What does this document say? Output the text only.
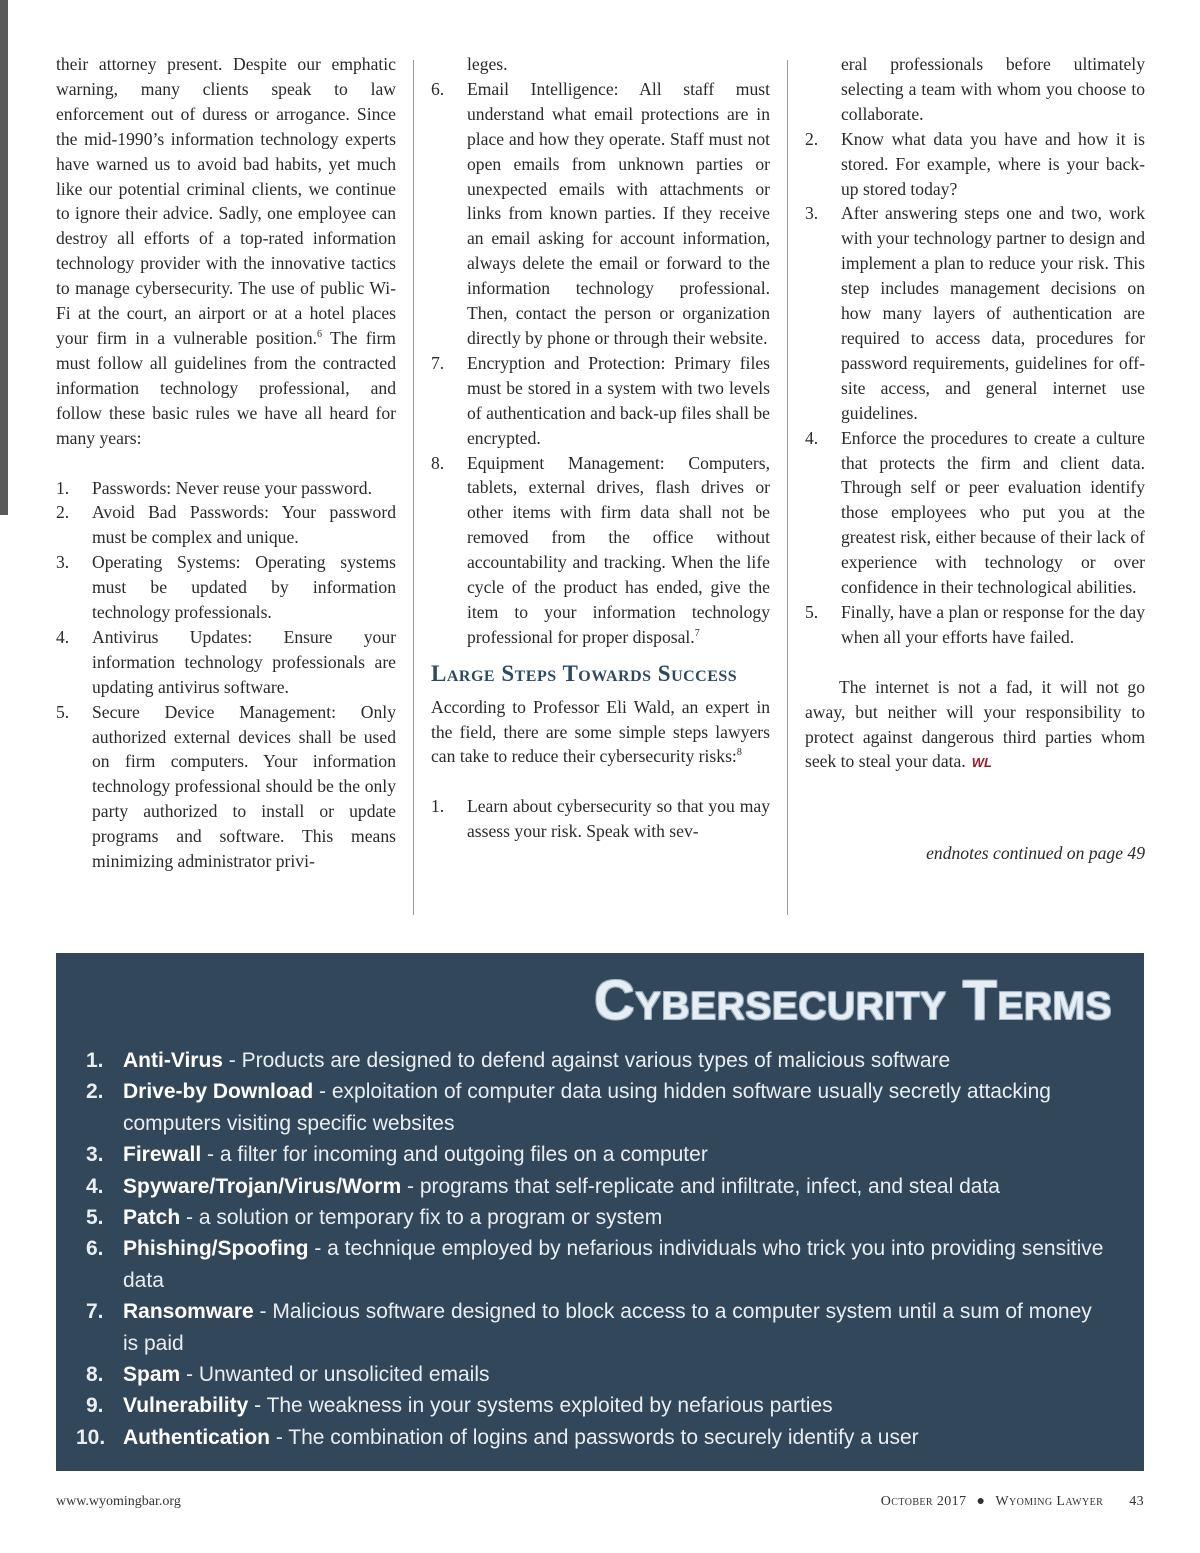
their attorney present. Despite our emphatic warning, many clients speak to law enforcement out of duress or arrogance. Since the mid-1990’s information technology experts have warned us to avoid bad habits, yet much like our potential criminal clients, we continue to ignore their advice. Sadly, one employee can destroy all efforts of a top-rated information technology provider with the innovative tactics to manage cybersecurity. The use of public Wi-Fi at the court, an airport or at a hotel places your firm in a vulnerable position.$^6$ The firm must follow all guidelines from the contracted information technology professional, and follow these basic rules we have all heard for many years:

1. Passwords: Never reuse your password.
2. Avoid Bad Passwords: Your password must be complex and unique.
3. Operating Systems: Operating systems must be updated by information technology professionals.
4. Antivirus Updates: Ensure your information technology professionals are updating antivirus software.
5. Secure Device Management: Only authorized external devices shall be used on firm computers. Your information technology professional should be the only party authorized to install or update programs and software. This means minimizing administrator privi-
leges.
6. Email Intelligence: All staff must understand what email protections are in place and how they operate. Staff must not open emails from unknown parties or unexpected emails with attachments or links from known parties. If they receive an email asking for account information, always delete the email or forward to the information technology professional. Then, contact the person or organization directly by phone or through their website.
7. Encryption and Protection: Primary files must be stored in a system with two levels of authentication and back-up files shall be encrypted.
8. Equipment Management: Computers, tablets, external drives, flash drives or other items with firm data shall not be removed from the office without accountability and tracking. When the life cycle of the product has ended, give the item to your information technology professional for proper disposal.$^7$
Large Steps Towards Success

According to Professor Eli Wald, an expert in the field, there are some simple steps lawyers can take to reduce their cybersecurity risks:$^8$

1. Learn about cybersecurity so that you may assess your risk. Speak with sev-
eral professionals before ultimately selecting a team with whom you choose to collaborate.
2. Know what data you have and how it is stored. For example, where is your back-up stored today?
3. After answering steps one and two, work with your technology partner to design and implement a plan to reduce your risk. This step includes management decisions on how many layers of authentication are required to access data, procedures for password requirements, guidelines for off-site access, and general internet use guidelines.
4. Enforce the procedures to create a culture that protects the firm and client data. Through self or peer evaluation identify those employees who put you at the greatest risk, either because of their lack of experience with technology or over confidence in their technological abilities.
5. Finally, have a plan or response for the day when all your efforts have failed.

The internet is not a fad, it will not go away, but neither will your responsibility to protect against dangerous third parties whom seek to steal your data. WL

endnotes continued on page 49
Cybersecurity Terms
1. Anti-Virus - Products are designed to defend against various types of malicious software
2. Drive-by Download - exploitation of computer data using hidden software usually secretly attacking computers visiting specific websites
3. Firewall - a filter for incoming and outgoing files on a computer
4. Spyware/Trojan/Virus/Worm - programs that self-replicate and infiltrate, infect, and steal data
5. Patch - a solution or temporary fix to a program or system
6. Phishing/Spoofing - a technique employed by nefarious individuals who trick you into providing sensitive data
7. Ransomware - Malicious software designed to block access to a computer system until a sum of money is paid
8. Spam - Unwanted or unsolicited emails
9. Vulnerability - The weakness in your systems exploited by nefarious parties
10. Authentication - The combination of logins and passwords to securely identify a user
www.wyomingbar.org	October 2017 ● Wyoming Lawyer 43
